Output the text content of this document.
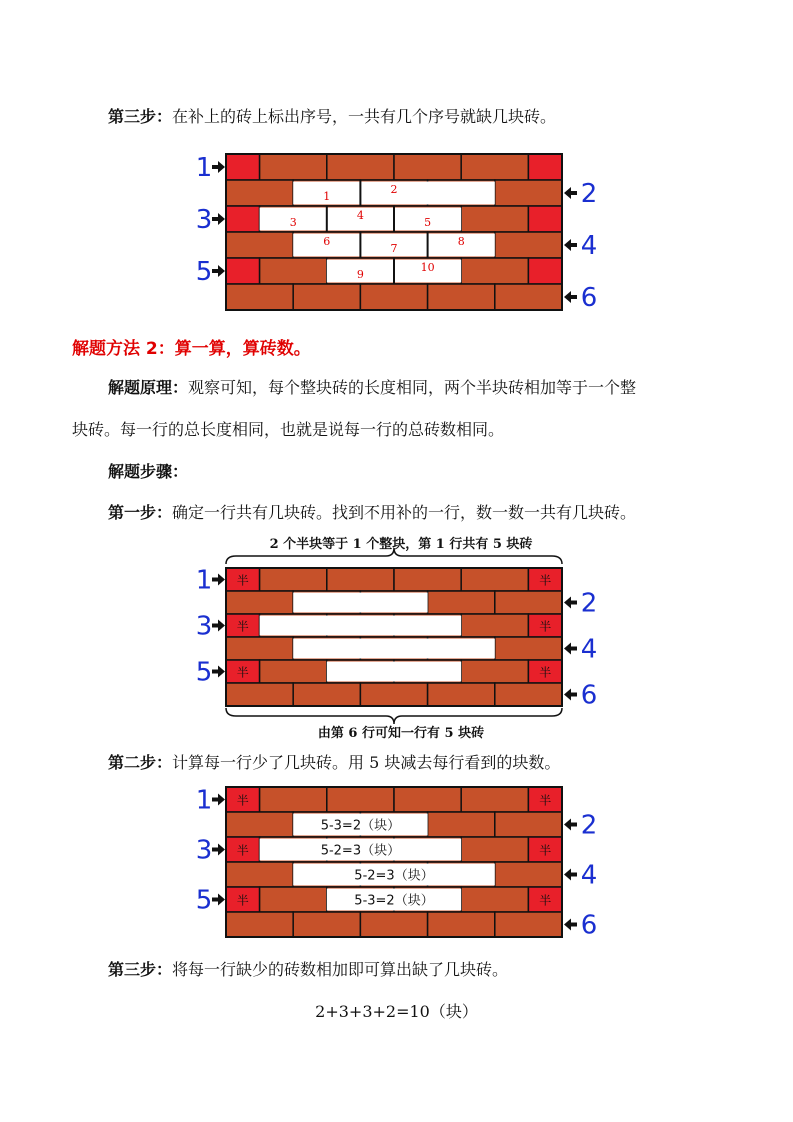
第三步：在补上的砖上标出序号，一共有几个序号就缺几块砖。
1
2
3
4
5
6
1
2
3
4
5
6
7
8
9
10
解题方法 2：算一算，算砖数。
解题原理：观察可知，每个整块砖的长度相同，两个半块砖相加等于一个整
块砖。每一行的总长度相同，也就是说每一行的总砖数相同。
解题步骤：
第一步：确定一行共有几块砖。找到不用补的一行，数一数一共有几块砖。
2 个半块等于 1 个整块，第 1 行共有 5 块砖
半	半
半	半
半	半
1
2
3
4
5
6
由第 6 行可知一行有 5 块砖
第二步：计算每一行少了几块砖。用 5 块减去每行看到的块数。
半	半
半	半
半	半
5-3=2（块）
5-2=3（块）
5-2=3（块）
5-3=2（块）
1
2
3
4
5
6
第三步：将每一行缺少的砖数相加即可算出缺了几块砖。
2+3+3+2=10（块）
